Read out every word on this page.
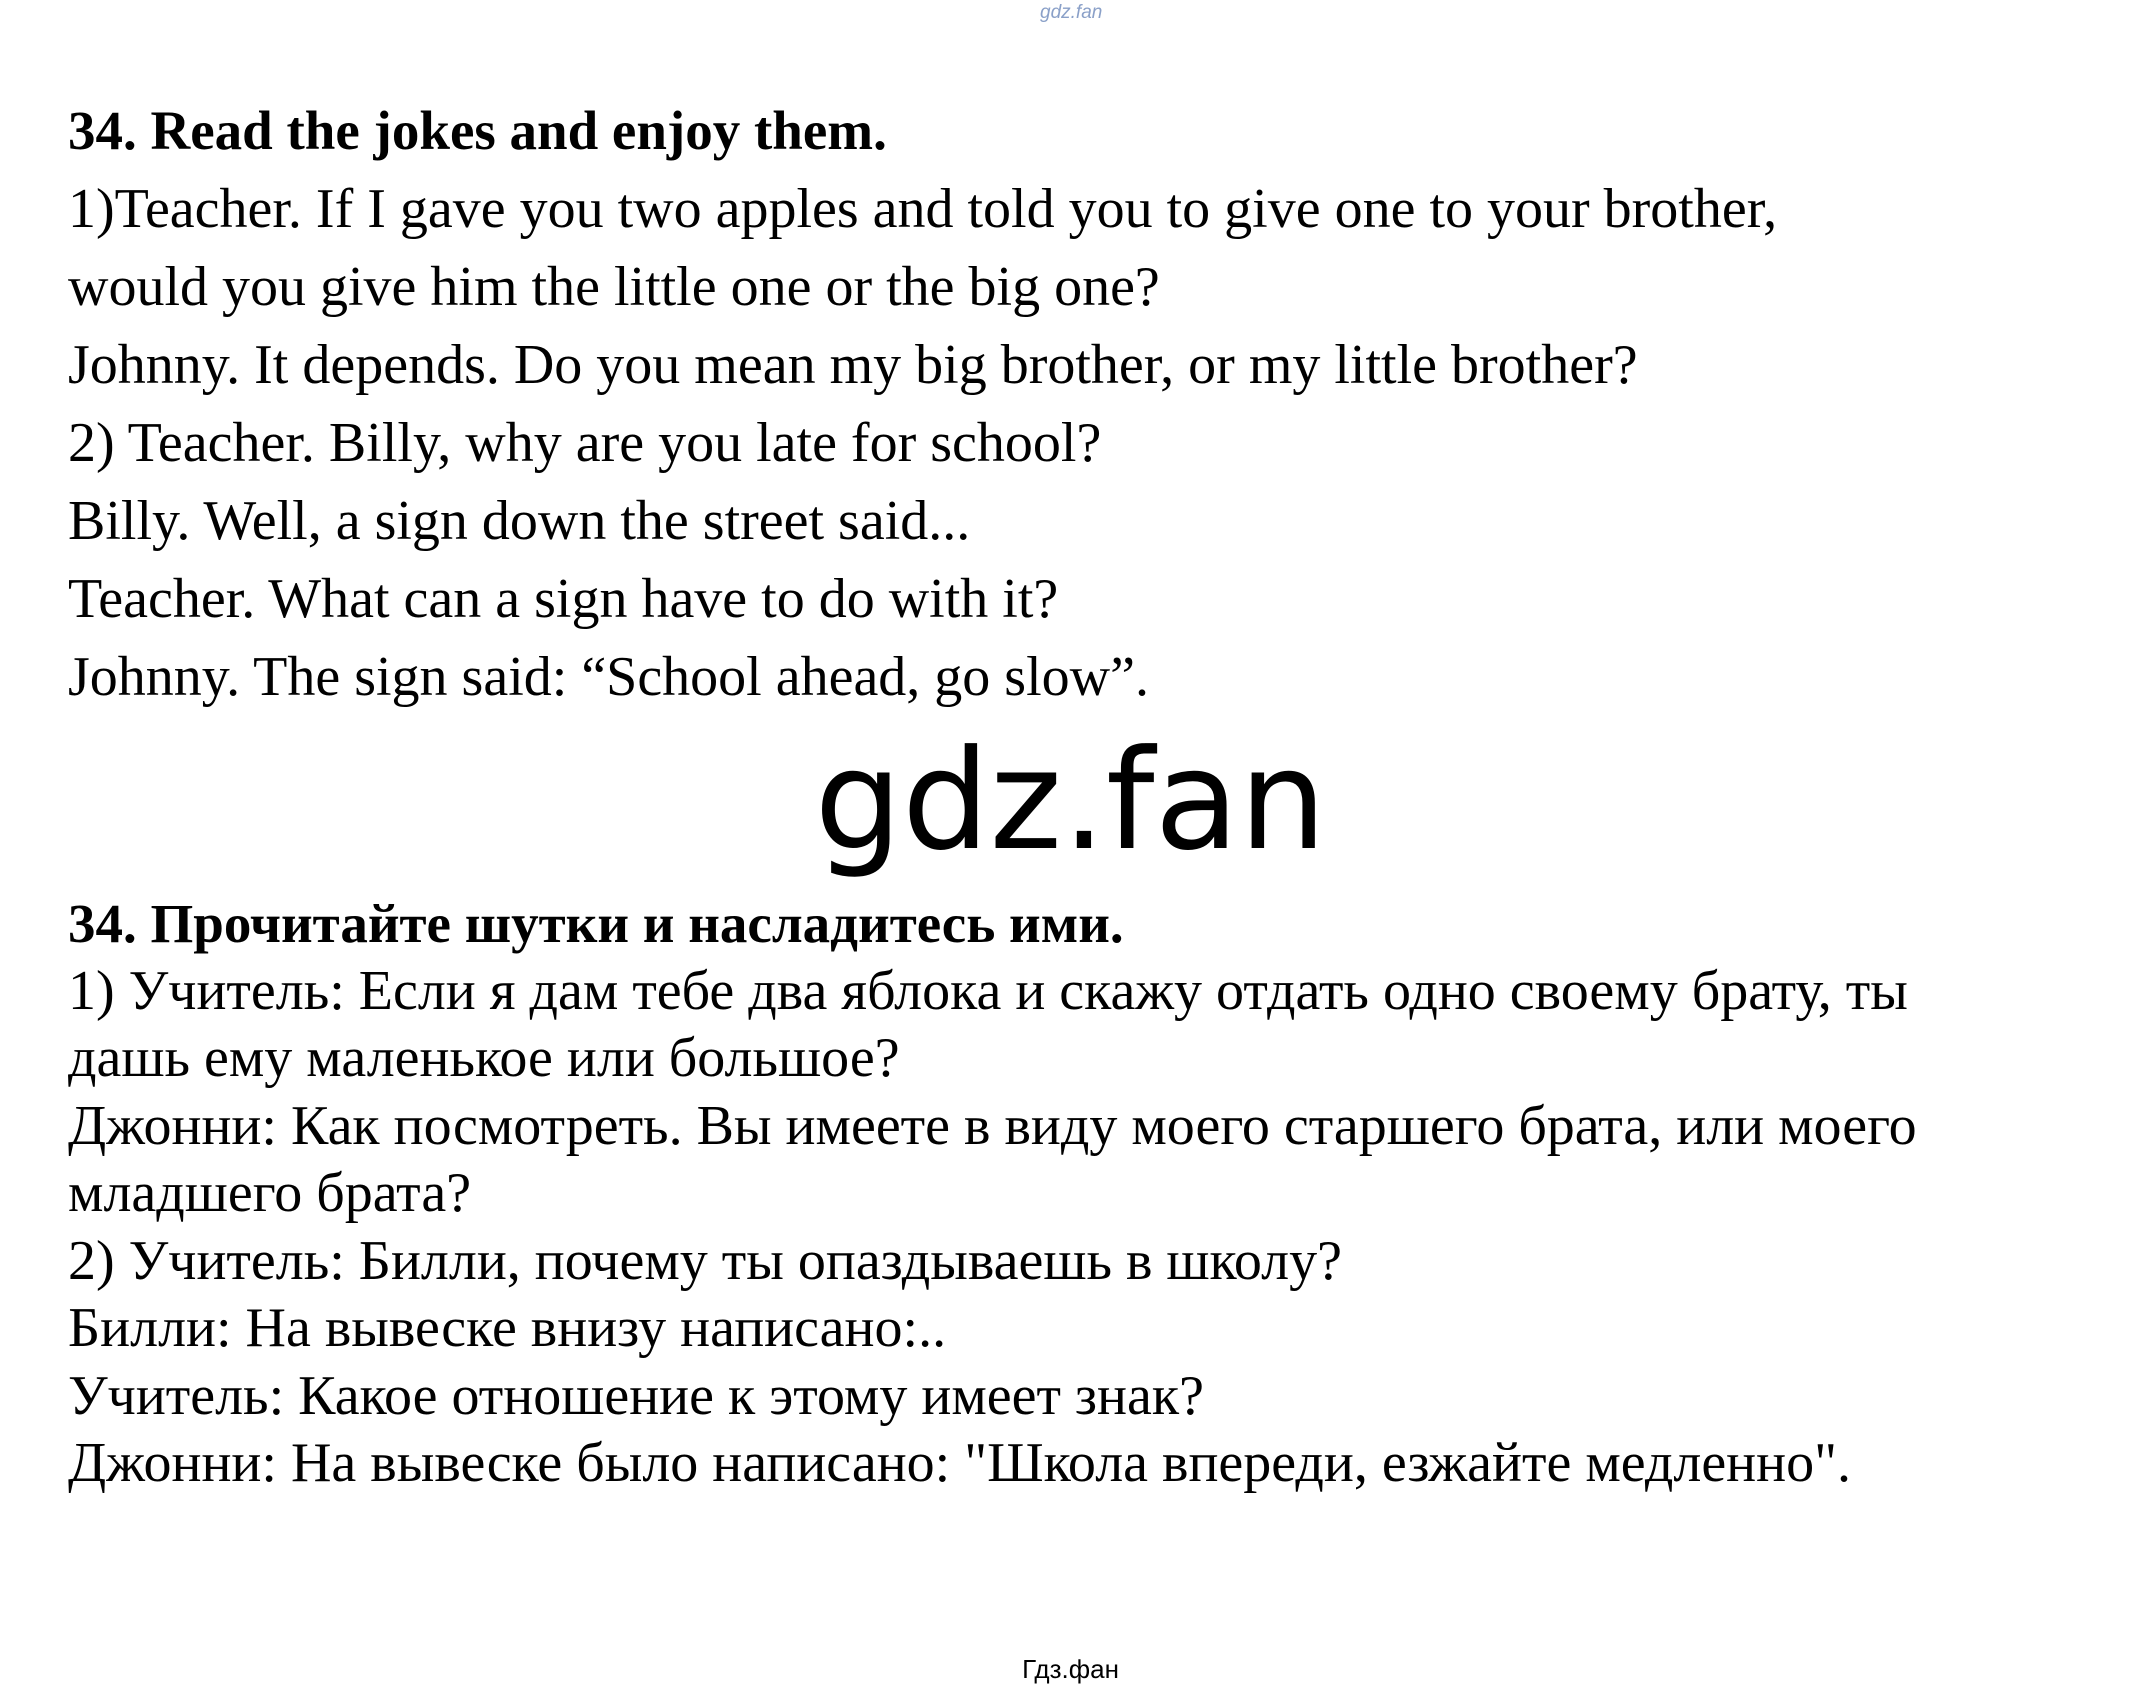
gdz.fan
34. Read the jokes and enjoy them.
1)Teacher. If I gave you two apples and told you to give one to your brother,
would you give him the little one or the big one?
Johnny. It depends. Do you mean my big brother, or my little brother?
2) Teacher. Billy, why are you late for school?
Billy. Well, a sign down the street said...
Teacher. What can a sign have to do with it?
Johnny. The sign said: “School ahead, go slow”.
gdz.fan
34. Прочитайте шутки и насладитесь ими.
1) Учитель: Если я дам тебе два яблока и скажу отдать одно своему брату, ты
дашь ему маленькое или большое?
Джонни: Как посмотреть. Вы имеете в виду моего старшего брата, или моего
младшего брата?
2) Учитель: Билли, почему ты опаздываешь в школу?
Билли: На вывеске внизу написано:..
Учитель: Какое отношение к этому имеет знак?
Джонни: На вывеске было написано: "Школа впереди, езжайте медленно".
Гдз.фан
